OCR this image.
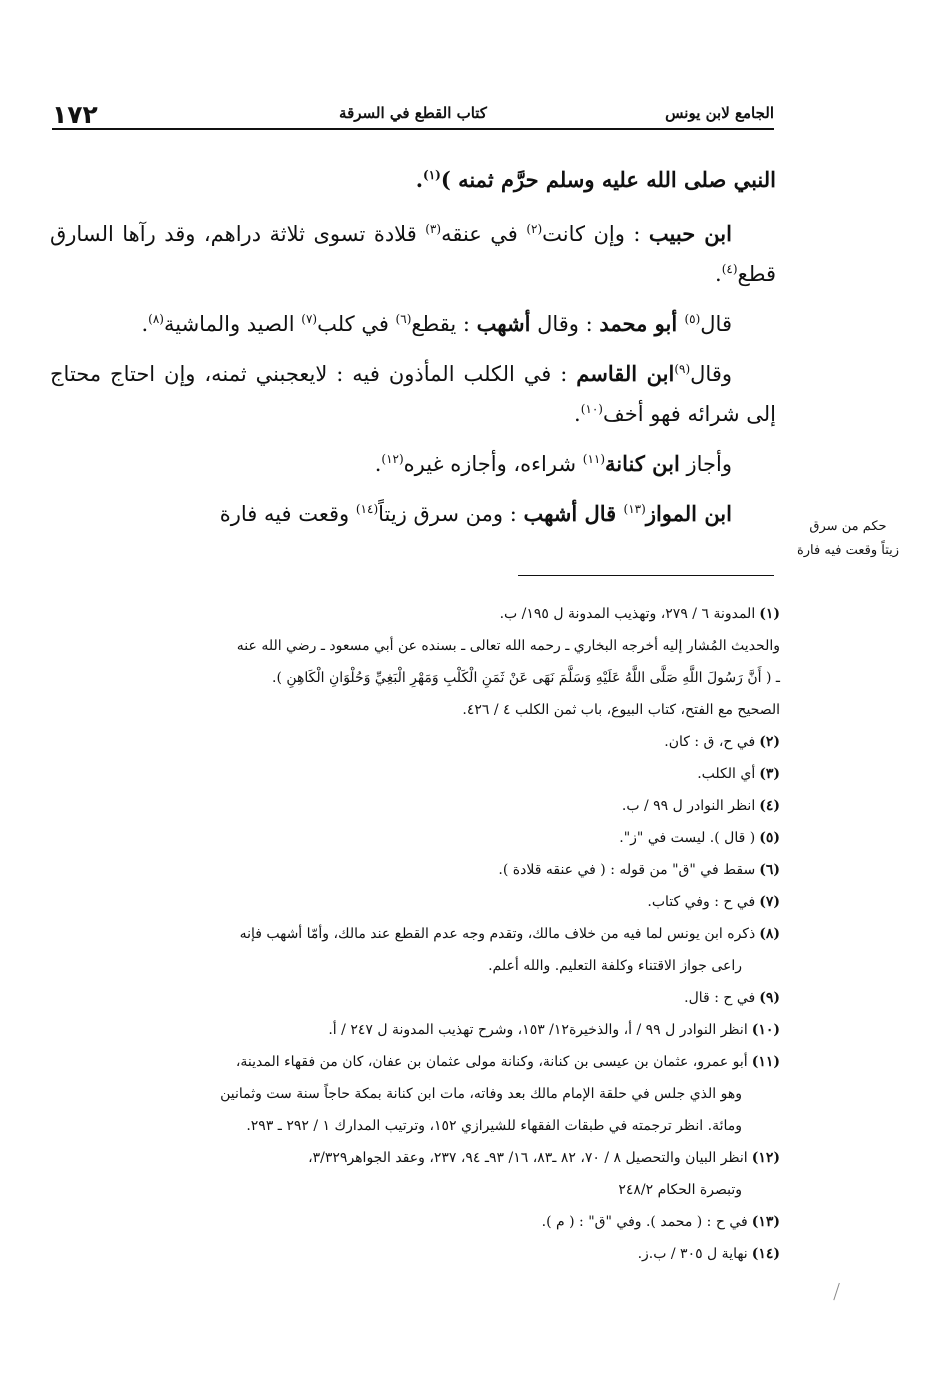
١٧٢	كتاب القطع في السرقة	الجامع لابن يونس

النبي صلى الله عليه وسلم حرَّم ثمنه )$^{(١)}$.

ابن حبيب : وإن كانت$^{(٢)}$ في عنقه$^{(٣)}$ قلادة تسوى ثلاثة دراهم، وقد رآها السارق قطع$^{(٤)}$.

قال$^{(٥)}$ أبو محمد : وقال أشهب : يقطع$^{(٦)}$ في كلب$^{(٧)}$ الصيد والماشية$^{(٨)}$.

وقال$^{(٩)}$ابن القاسم : في الكلب المأذون فيه : لايعجبني ثمنه، وإن احتاج محتاج إلى شرائه فهو أخف$^{(١٠)}$.

وأجاز ابن كنانة$^{(١١)}$ شراءه، وأجازه غيره$^{(١٢)}$.

ابن المواز$^{(١٣)}$ قال أشهب : ومن سرق زيتاً$^{(١٤)}$ وقعت فيه فارة

حكم من سرق
زيتاً وقعت فيه فارة

(١)المدونة ٦ / ٢٧٩، وتهذيب المدونة ل ١٩٥/ ب.

والحديث المُشار إليه أخرجه البخاري ـ رحمه الله تعالى ـ بسنده عن أبي مسعود ـ رضي الله عنه

ـ ( أَنَّ رَسُولَ اللَّهِ صَلَّى اللَّهُ عَلَيْهِ وَسَلَّمَ نَهَى عَنْ ثَمَنِ الْكَلْبِ وَمَهْرِ الْبَغِيِّ وَحُلْوَانِ الْكَاهِنِ ).

الصحيح مع الفتح، كتاب البيوع، باب ثمن الكلب ٤ / ٤٢٦.

(٢)في ح، ق : كان.

(٣)أي الكلب.

(٤)انظر النوادر ل ٩٩ / ب.

(٥)( قال ). ليست في "ز".

(٦)سقط في "ق" من قوله : ( في عنقه قلادة ).

(٧)في ح : وفي كتاب.

(٨)ذكره ابن يونس لما فيه من خلاف مالك، وتقدم وجه عدم القطع عند مالك، وأمّا أشهب فإنه

راعى جواز الاقتناء وكلفة التعليم. والله أعلم.

(٩)في ح : قال.

(١٠)انظر النوادر ل ٩٩ / أ، والذخيرة١٢/ ١٥٣، وشرح تهذيب المدونة ل ٢٤٧ / أ.

(١١)أبو عمرو، عثمان بن عيسى بن كنانة، وكنانة مولى عثمان بن عفان، كان من فقهاء المدينة،

وهو الذي جلس في حلقة الإمام مالك بعد وفاته، مات ابن كنانة بمكة حاجاً سنة ست وثمانين

ومائة. انظر ترجمته في طبقات الفقهاء للشيرازي ١٥٢، وترتيب المدارك ١ / ٢٩٢ ـ ٢٩٣.

(١٢)انظر البيان والتحصيل ٨ / ٧٠، ٨٢ ـ٨٣، ١٦/ ٩٣ـ ٩٤، ٢٣٧، وعقد الجواهر٣/٣٢٩،

وتبصرة الحكام ٢٤٨/٢

(١٣)في ح : ( محمد ). وفي "ق" : ( م ).

(١٤)نهاية ل ٣٠٥ / ب.ز.
